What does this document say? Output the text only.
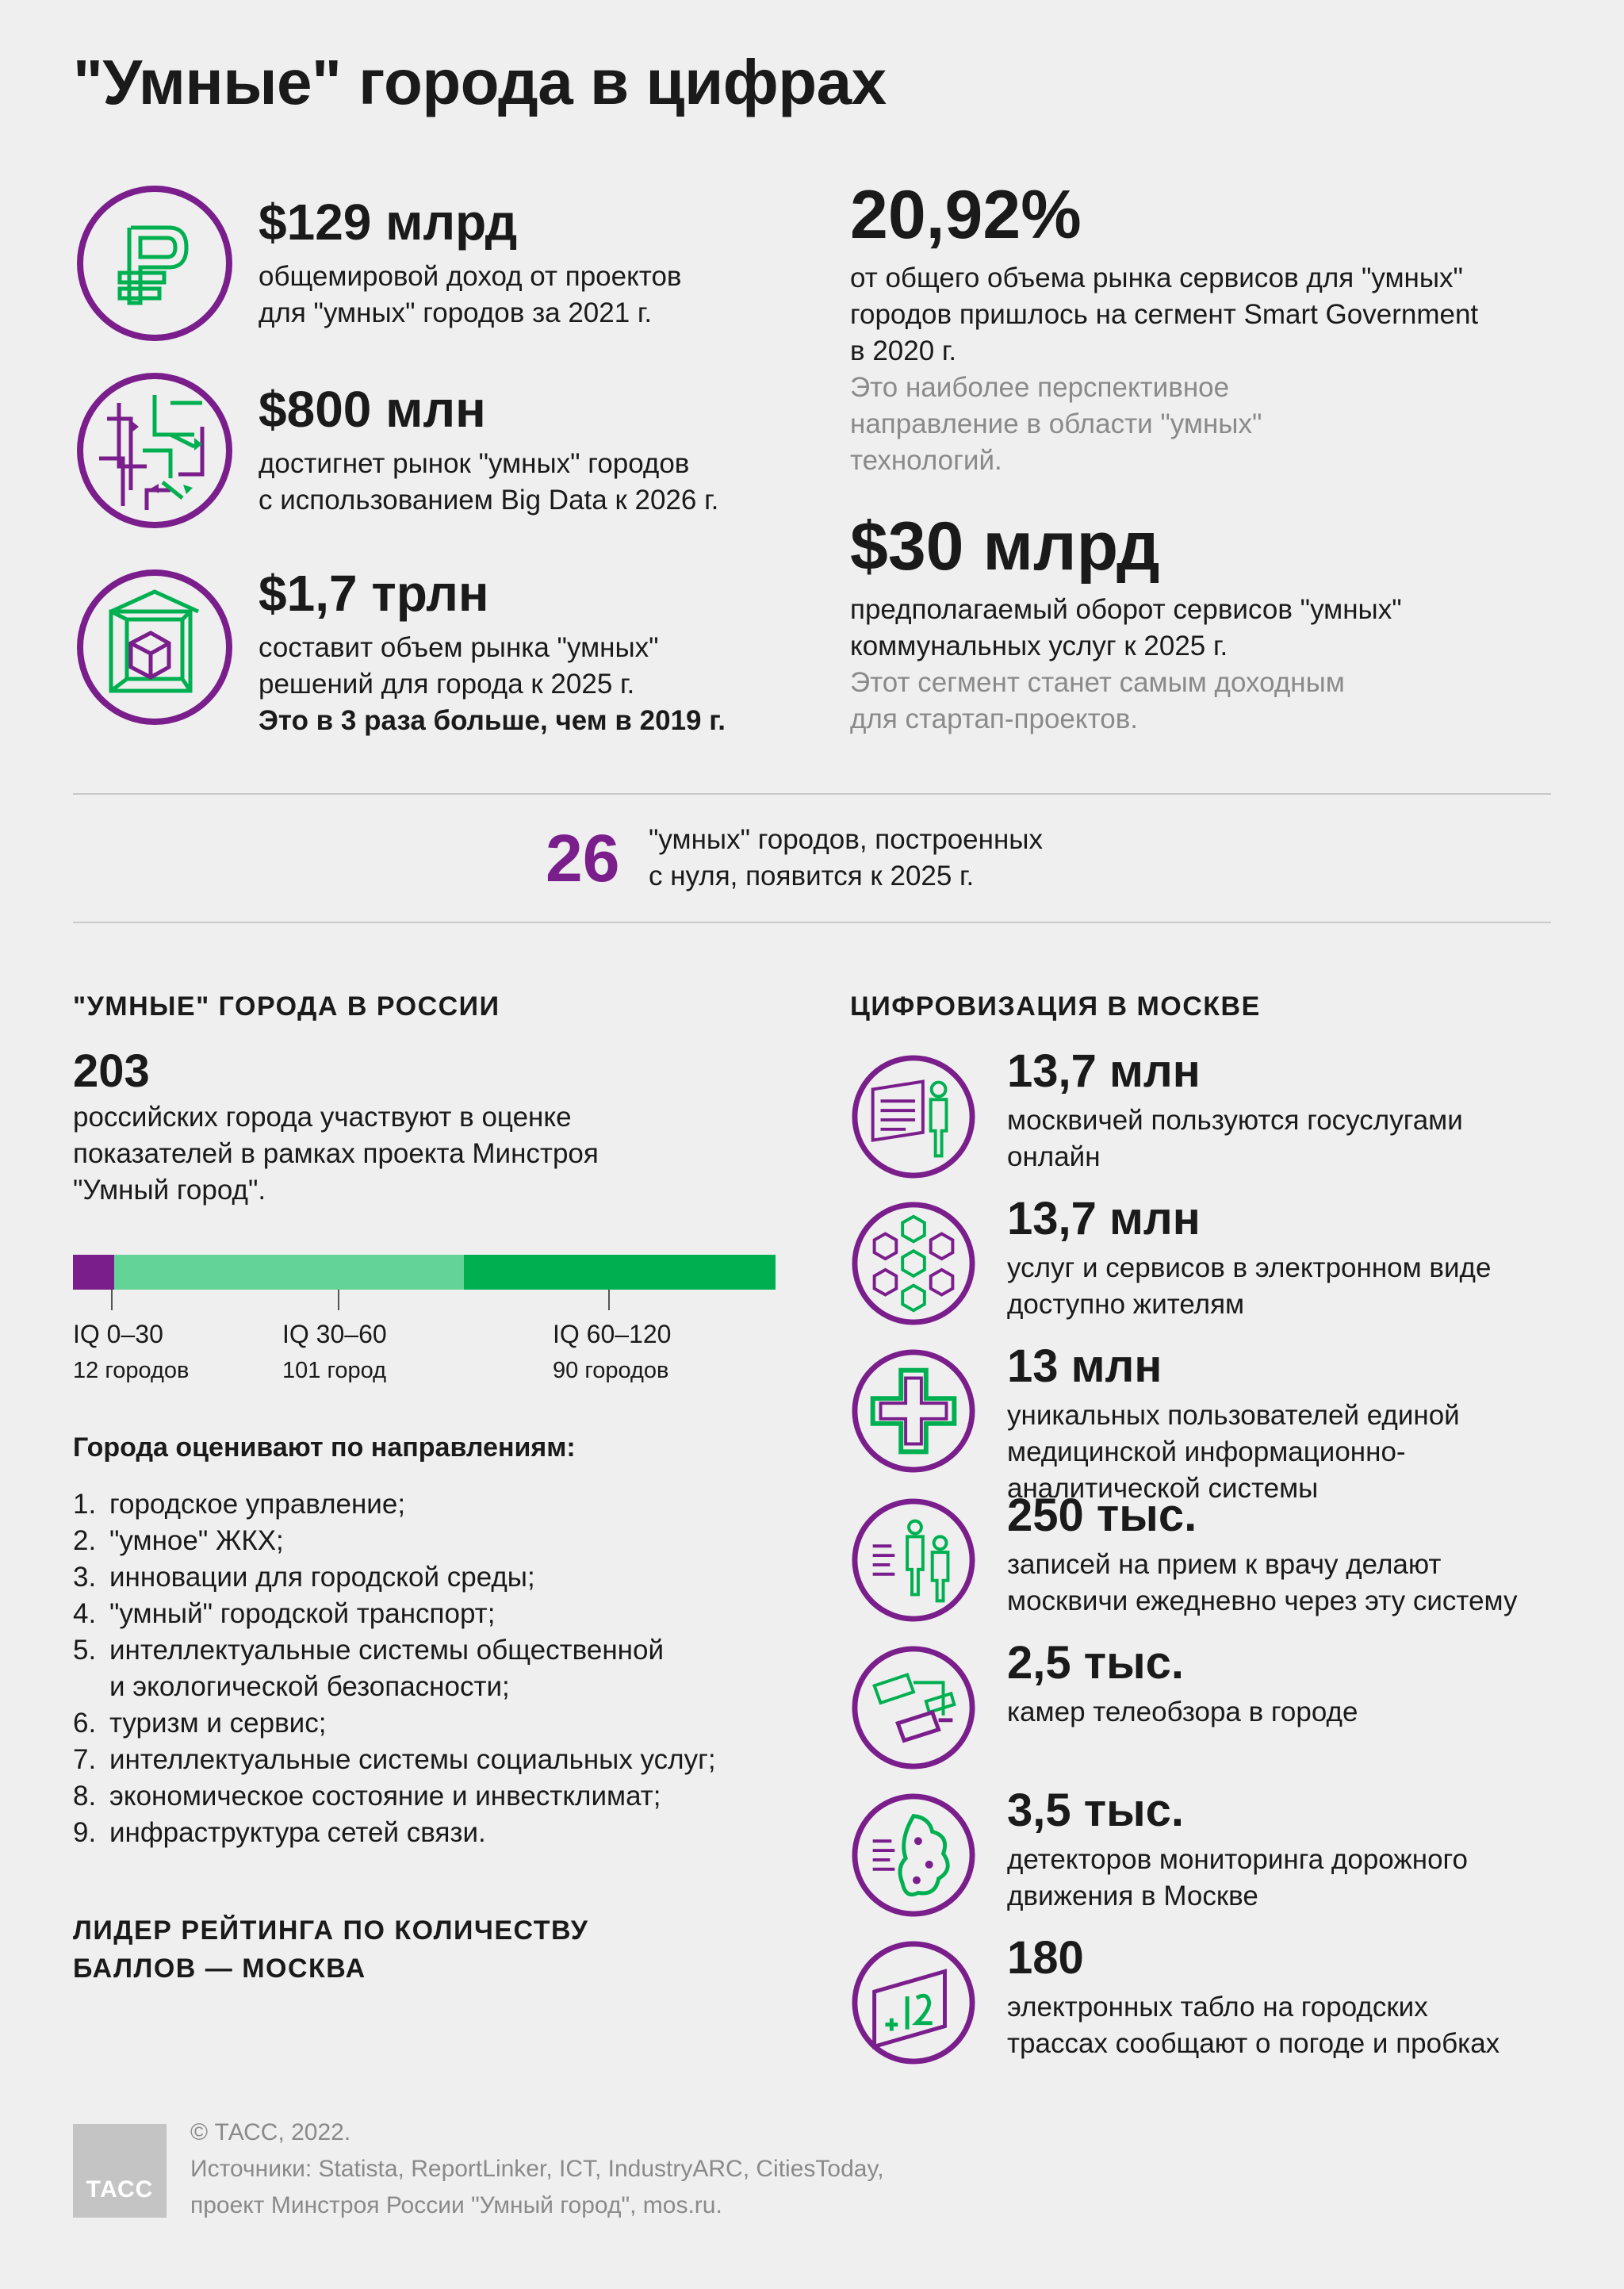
"Умные" города в цифрах
$129 млрд
общемировой доход от проектов
для "умных" городов за 2021 г.
$800 млн
достигнет рынок "умных" городов
с использованием Big Data к 2026 г.
$1,7 трлн
составит объем рынка "умных"
решений для города к 2025 г.
Это в 3 раза больше, чем в 2019 г.
20,92%
от общего объема рынка сервисов для "умных"
городов пришлось на сегмент Smart Government
в 2020 г.
Это наиболее перспективное
направление в области "умных"
технологий.
$30 млрд
предполагаемый оборот сервисов "умных"
коммунальных услуг к 2025 г.
Этот сегмент станет самым доходным
для стартап-проектов.
26 "умных" городов, построенных
с нуля, появится к 2025 г.
"УМНЫЕ" ГОРОДА В РОССИИ
203
российских города участвуют в оценке
показателей в рамках проекта Минстроя
"Умный город".
IQ 0–30
12 городов
IQ 30–60
101 город
IQ 60–120
90 городов
Города оценивают по направлениям:
1. городское управление;
2. "умное" ЖКХ;
3. инновации для городской среды;
4. "умный" городской транспорт;
5. интеллектуальные системы общественной
и экологической безопасности;
6. туризм и сервис;
7. интеллектуальные системы социальных услуг;
8. экономическое состояние и инвестклимат;
9. инфраструктура сетей связи.
ЛИДЕР РЕЙТИНГА ПО КОЛИЧЕСТВУ
БАЛЛОВ — МОСКВА
ЦИФРОВИЗАЦИЯ В МОСКВЕ
13,7 млн
москвичей пользуются госуслугами
онлайн
13,7 млн
услуг и сервисов в электронном виде
доступно жителям
13 млн
уникальных пользователей единой
медицинской информационно-
аналитической системы
250 тыс.
записей на прием к врачу делают
москвичи ежедневно через эту систему
2,5 тыс.
камер телеобзора в городе
3,5 тыс.
детекторов мониторинга дорожного
движения в Москве
180
электронных табло на городских
трассах сообщают о погоде и пробках
ТАСС
© ТАСС, 2022.
Источники: Statista, ReportLinker, ICT, IndustryARC, CitiesToday,
проект Минстроя России "Умный город", mos.ru.
